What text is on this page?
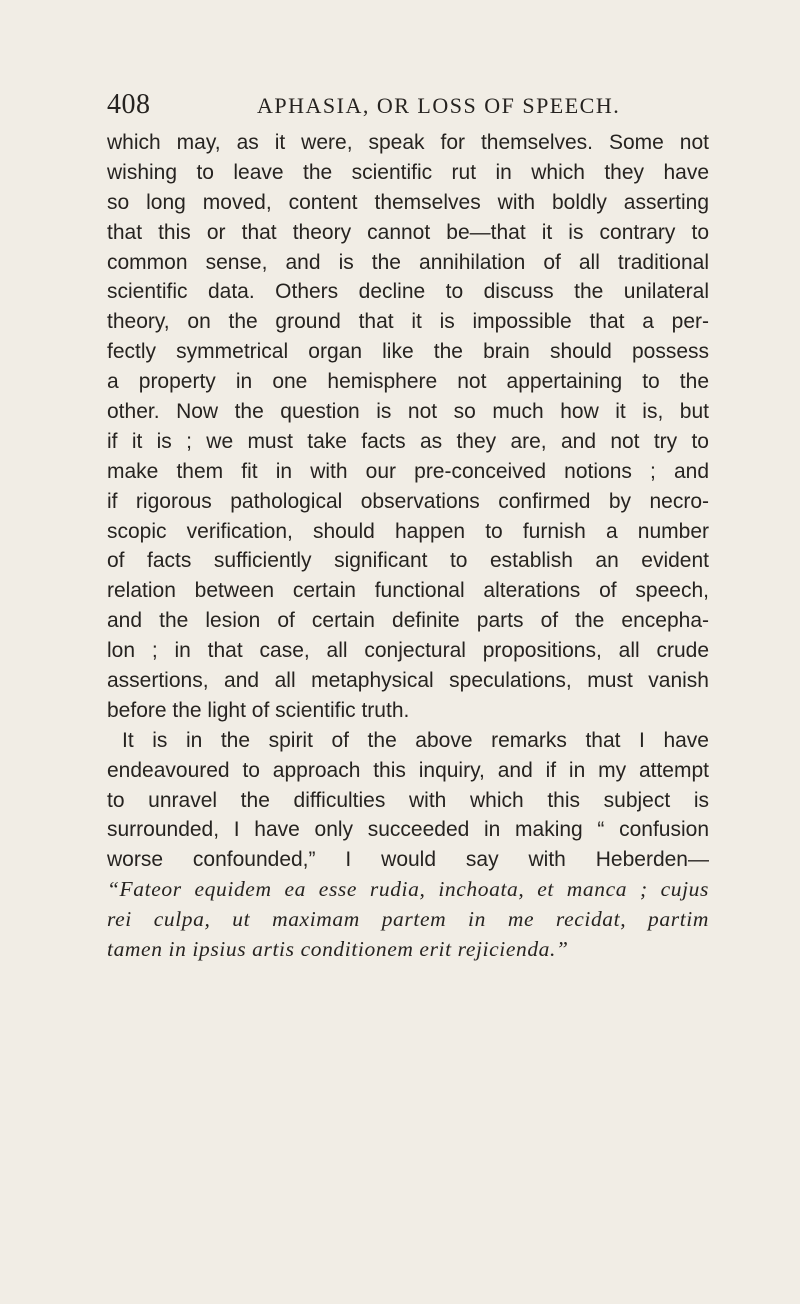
408	APHASIA, OR LOSS OF SPEECH.
which may, as it were, speak for themselves. Some not
wishing to leave the scientific rut in which they have
so long moved, content themselves with boldly asserting
that this or that theory cannot be—that it is contrary to
common sense, and is the annihilation of all traditional
scientific data. Others decline to discuss the unilateral
theory, on the ground that it is impossible that a per-
fectly symmetrical organ like the brain should possess
a property in one hemisphere not appertaining to the
other. Now the question is not so much how it is, but
if it is ; we must take facts as they are, and not try to
make them fit in with our pre-conceived notions ; and
if rigorous pathological observations confirmed by necro-
scopic verification, should happen to furnish a number
of facts sufficiently significant to establish an evident
relation between certain functional alterations of speech,
and the lesion of certain definite parts of the encepha-
lon ; in that case, all conjectural propositions, all crude
assertions, and all metaphysical speculations, must vanish
before the light of scientific truth.
It is in the spirit of the above remarks that I have
endeavoured to approach this inquiry, and if in my attempt
to unravel the difficulties with which this subject is
surrounded, I have only succeeded in making “ confusion
worse confounded,” I would say with Heberden—
“Fateor equidem ea esse rudia, inchoata, et manca ; cujus
rei culpa, ut maximam partem in me recidat, partim
tamen in ipsius artis conditionem erit rejicienda.”
